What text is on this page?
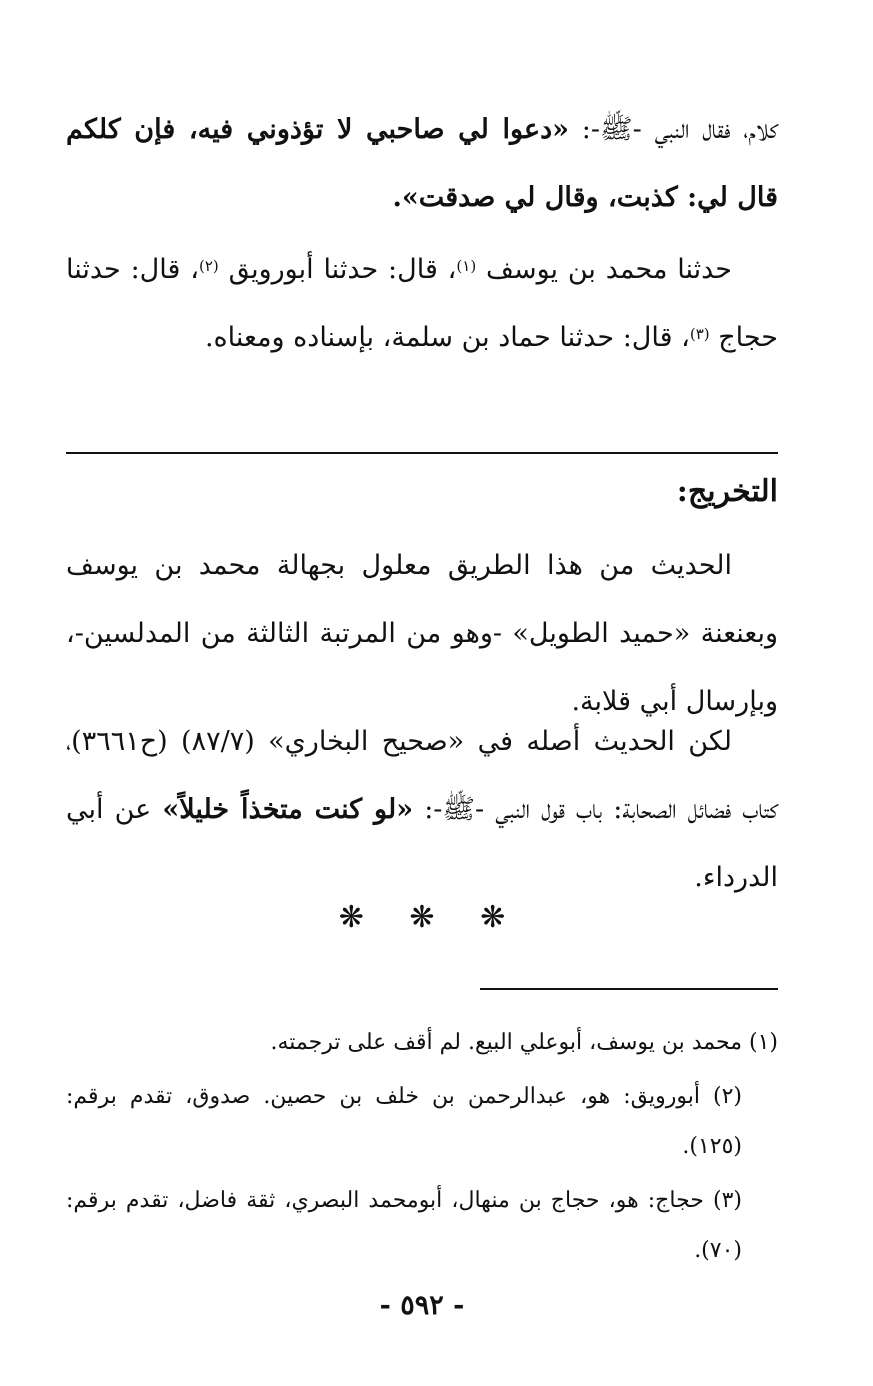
كلام، فقال النبي -ﷺ-: «دعوا لي صاحبي لا تؤذوني فيه، فإن كلكم قال لي: كذبت، وقال لي صدقت».

حدثنا محمد بن يوسف $^{(١)}$، قال: حدثنا أبورويق $^{(٢)}$، قال: حدثنا حجاج $^{(٣)}$، قال: حدثنا حماد بن سلمة، بإسناده ومعناه.

التخريج:

الحديث من هذا الطريق معلول بجهالة محمد بن يوسف وبعنعنة «حميد الطويل» -وهو من المرتبة الثالثة من المدلسين-، وبإرسال أبي قلابة.

لكن الحديث أصله في «صحيح البخاري» (٨٧/٧) (ح٣٦٦١)، كتاب فضائل الصحابة: باب قول النبي -ﷺ-: «لو كنت متخذاً خليلاً» عن أبي الدرداء.

❋ ❋ ❋

(١) محمد بن يوسف، أبوعلي البيع. لم أقف على ترجمته.

(٢) أبورويق: هو، عبدالرحمن بن خلف بن حصين. صدوق، تقدم برقم: (١٢٥).

(٣) حجاج: هو، حجاج بن منهال، أبومحمد البصري، ثقة فاضل، تقدم برقم: (٧٠).

- ٥٩٢ -
